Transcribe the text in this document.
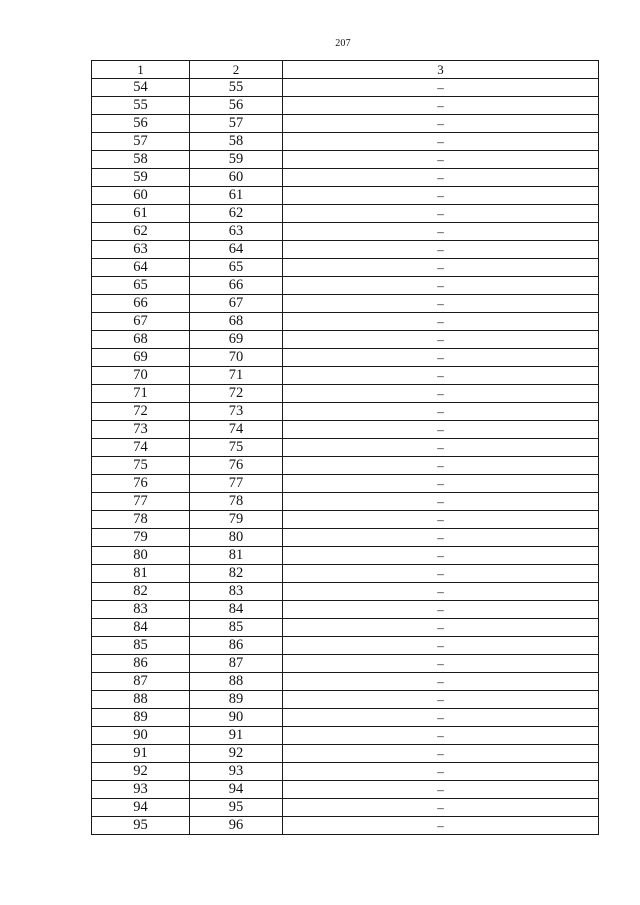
207
1	2	3
54	55	–
55	56	–
56	57	–
57	58	–
58	59	–
59	60	–
60	61	–
61	62	–
62	63	–
63	64	–
64	65	–
65	66	–
66	67	–
67	68	–
68	69	–
69	70	–
70	71	–
71	72	–
72	73	–
73	74	–
74	75	–
75	76	–
76	77	–
77	78	–
78	79	–
79	80	–
80	81	–
81	82	–
82	83	–
83	84	–
84	85	–
85	86	–
86	87	–
87	88	–
88	89	–
89	90	–
90	91	–
91	92	–
92	93	–
93	94	–
94	95	–
95	96	–
